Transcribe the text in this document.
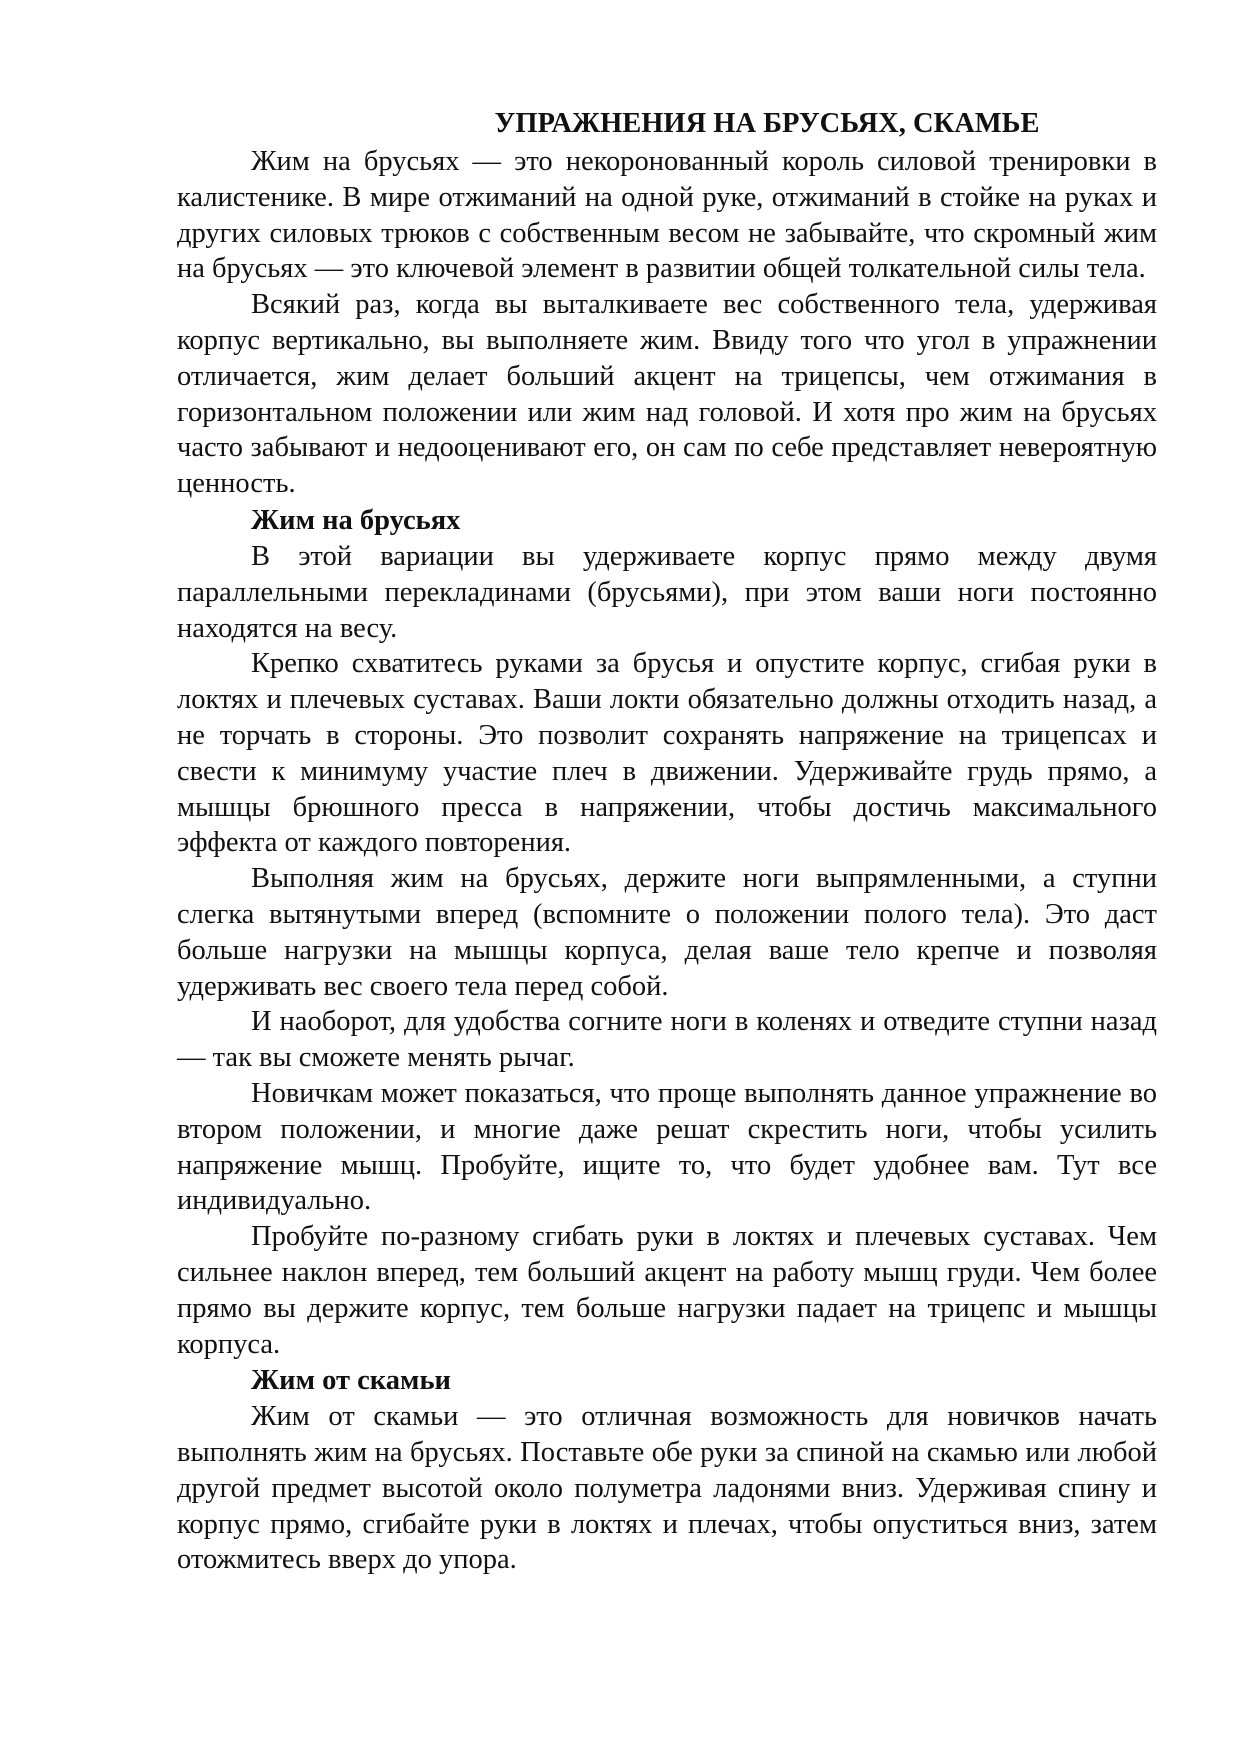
УПРАЖНЕНИЯ НА БРУСЬЯХ, СКАМЬЕ

Жим на брусьях — это некоронованный король силовой тренировки в калистенике. В мире отжиманий на одной руке, отжиманий в стойке на руках и других силовых трюков с собственным весом не забывайте, что скромный жим на брусьях — это ключевой элемент в развитии общей толкательной силы тела.

Всякий раз, когда вы выталкиваете вес собственного тела, удерживая корпус вертикально, вы выполняете жим. Ввиду того что угол в упражнении отличается, жим делает больший акцент на трицепсы, чем отжимания в горизонтальном положении или жим над головой. И хотя про жим на брусьях часто забывают и недооценивают его, он сам по себе представляет невероятную ценность.

Жим на брусьях

В этой вариации вы удерживаете корпус прямо между двумя параллельными перекладинами (брусьями), при этом ваши ноги постоянно находятся на весу.

Крепко схватитесь руками за брусья и опустите корпус, сгибая руки в локтях и плечевых суставах. Ваши локти обязательно должны отходить назад, а не торчать в стороны. Это позволит сохранять напряжение на трицепсах и свести к минимуму участие плеч в движении. Удерживайте грудь прямо, а мышцы брюшного пресса в напряжении, чтобы достичь максимального эффекта от каждого повторения.

Выполняя жим на брусьях, держите ноги выпрямленными, а ступни слегка вытянутыми вперед (вспомните о положении полого тела). Это даст больше нагрузки на мышцы корпуса, делая ваше тело крепче и позволяя удерживать вес своего тела перед собой.

И наоборот, для удобства согните ноги в коленях и отведите ступни назад — так вы сможете менять рычаг.

Новичкам может показаться, что проще выполнять данное упражнение во втором положении, и многие даже решат скрестить ноги, чтобы усилить напряжение мышц. Пробуйте, ищите то, что будет удобнее вам. Тут все индивидуально.

Пробуйте по-разному сгибать руки в локтях и плечевых суставах. Чем сильнее наклон вперед, тем больший акцент на работу мышц груди. Чем более прямо вы держите корпус, тем больше нагрузки падает на трицепс и мышцы корпуса.

Жим от скамьи

Жим от скамьи — это отличная возможность для новичков начать выполнять жим на брусьях. Поставьте обе руки за спиной на скамью или любой другой предмет высотой около полуметра ладонями вниз. Удерживая спину и корпус прямо, сгибайте руки в локтях и плечах, чтобы опуститься вниз, затем отожмитесь вверх до упора.
